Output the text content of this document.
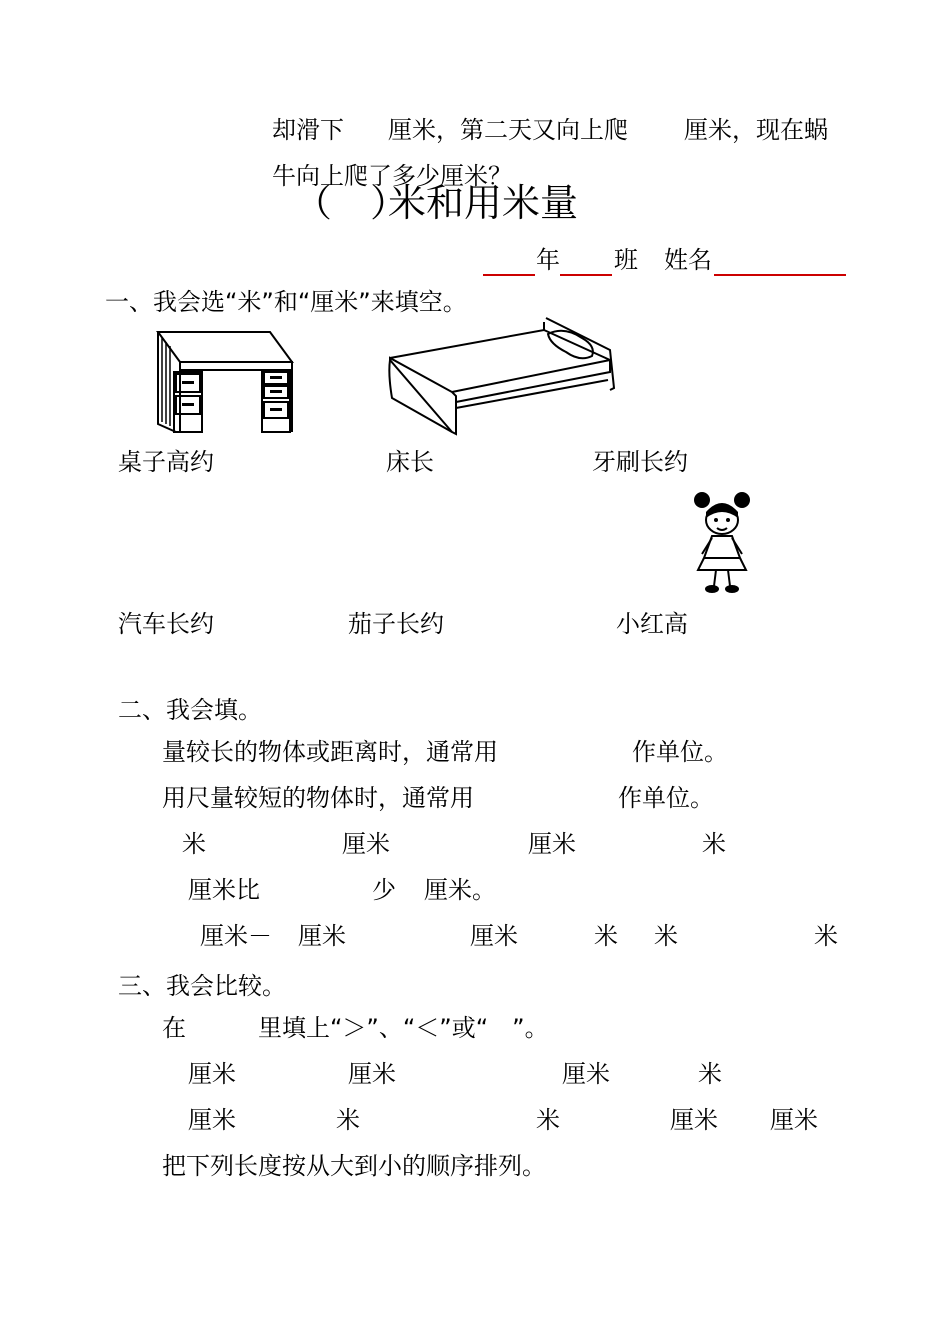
却滑下 厘米，第二天又向上爬 厘米，现在蜗
牛向上爬了多少厘米？
（　）
米和用米量
年 班 姓名
一、我会选“米”和“厘米”来填空。
桌子高约	床长	牙刷长约
汽车长约	茄子长约	小红高
二、我会填。
量较长的物体或距离时，通常用	作单位。
用尺量较短的物体时，通常用	作单位。
米	厘米	厘米	米
厘米比	少 厘米。
厘米－ 厘米	厘米	米 米	米
三、我会比较。
在　　　里填上“＞”、“＜”或“　”。
厘米	厘米	厘米	米
厘米	米	米	厘米 厘米
把下列长度按从大到小的顺序排列。
